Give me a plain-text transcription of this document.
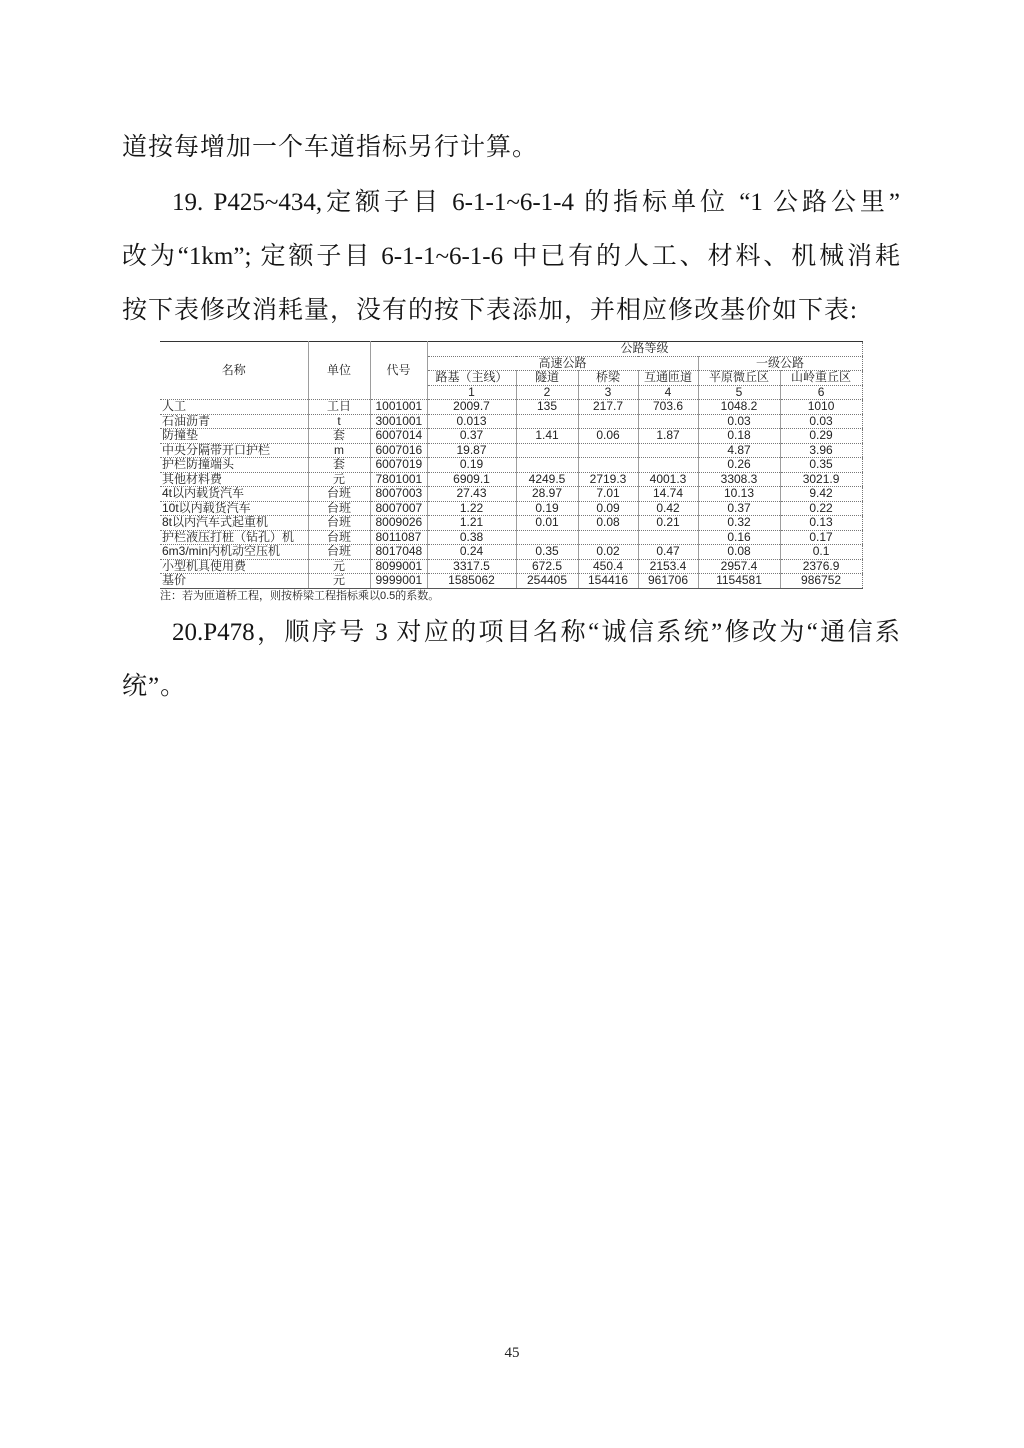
道按每增加一个车道指标另行计算。
19. P425~434,定额子目 6-1-1~6-1-4 的指标单位 “1 公路公里”
改为“1km”; 定额子目 6-1-1~6-1-6 中已有的人工、材料、机械消耗
按下表修改消耗量，没有的按下表添加，并相应修改基价如下表:
名称	单位	代号	公路等级					
			高速公路				一级公路	
			路基（主线）	隧道	桥梁	互通匝道	平原微丘区	山岭重丘区
			1	2	3	4	5	6
人工	工日	1001001	2009.7	135	217.7	703.6	1048.2	1010
石油沥青	t	3001001	0.013				0.03	0.03
防撞垫	套	6007014	0.37	1.41	0.06	1.87	0.18	0.29
中央分隔带开口护栏	m	6007016	19.87				4.87	3.96
护栏防撞端头	套	6007019	0.19				0.26	0.35
其他材料费	元	7801001	6909.1	4249.5	2719.3	4001.3	3308.3	3021.9
4t以内载货汽车	台班	8007003	27.43	28.97	7.01	14.74	10.13	9.42
10t以内载货汽车	台班	8007007	1.22	0.19	0.09	0.42	0.37	0.22
8t以内汽车式起重机	台班	8009026	1.21	0.01	0.08	0.21	0.32	0.13
护栏液压打桩（钻孔）机	台班	8011087	0.38				0.16	0.17
6m3/min内机动空压机	台班	8017048	0.24	0.35	0.02	0.47	0.08	0.1
小型机具使用费	元	8099001	3317.5	672.5	450.4	2153.4	2957.4	2376.9
基价	元	9999001	1585062	254405	154416	961706	1154581	986752
注：若为匝道桥工程，则按桥梁工程指标乘以0.5的系数。
20.P478，顺序号 3 对应的项目名称“诚信系统”修改为“通信系
统”。
45
